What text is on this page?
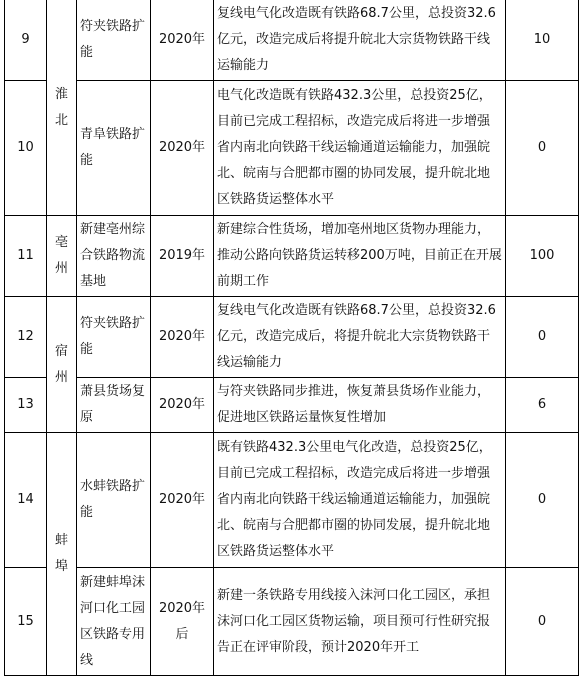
9	淮北	符夹铁路扩能	2020年	复线电气化改造既有铁路68.7公里，总投资32.6亿元，改造完成后将提升皖北大宗货物铁路干线运输能力	10
10		青阜铁路扩能	2020年	电气化改造既有铁路432.3公里，总投资25亿，目前已完成工程招标，改造完成后将进一步增强省内南北向铁路干线运输通道运输能力，加强皖北、皖南与合肥都市圈的协同发展，提升皖北地区铁路货运整体水平	0
11	亳州	新建亳州综合铁路物流基地	2019年	新建综合性货场，增加亳州地区货物办理能力，推动公路向铁路货运转移200万吨，目前正在开展前期工作	100
12	宿州	符夹铁路扩能	2020年	复线电气化改造既有铁路68.7公里，总投资32.6亿元，改造完成后，将提升皖北大宗货物铁路干线运输能力	0
13		萧县货场复原	2020年	与符夹铁路同步推进，恢复萧县货场作业能力，促进地区铁路运量恢复性增加	6
14	蚌埠	水蚌铁路扩能	2020年	既有铁路432.3公里电气化改造，总投资25亿，目前已完成工程招标，改造完成后将进一步增强省内南北向铁路干线运输通道运输能力，加强皖北、皖南与合肥都市圈的协同发展，提升皖北地区铁路货运整体水平	0
15		新建蚌埠沫河口化工园区铁路专用线	2020年后	新建一条铁路专用线接入沫河口化工园区，承担沫河口化工园区货物运输，项目预可行性研究报告正在评审阶段，预计2020年开工	0
